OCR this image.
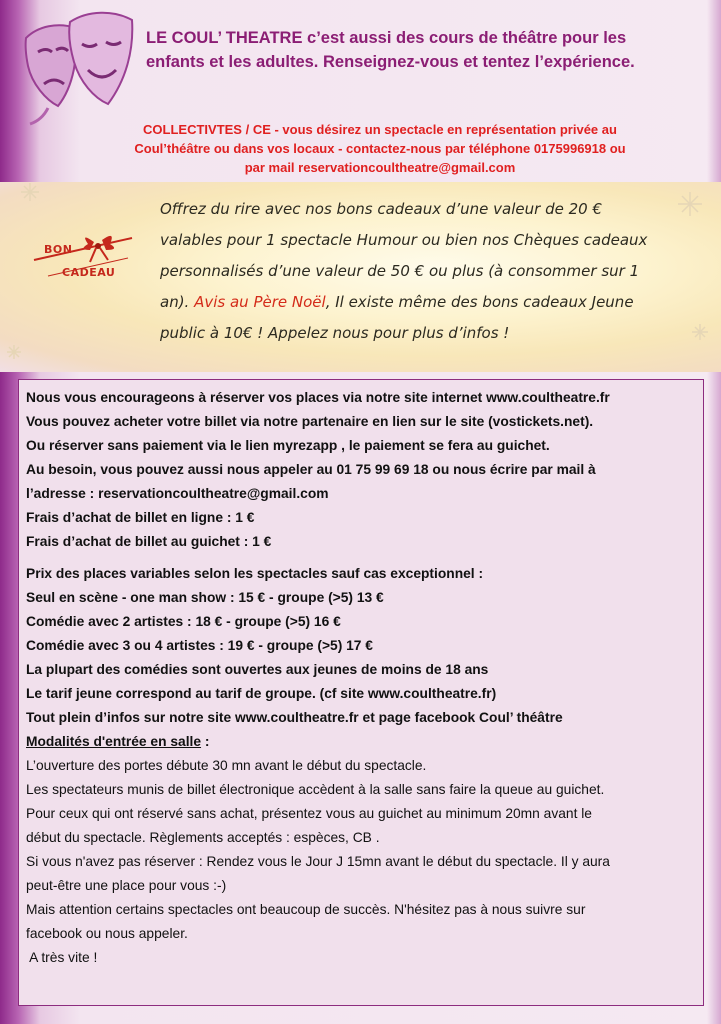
LE COUL’ THEATRE c’est aussi des cours de théâtre pour les
enfants et les adultes. Renseignez-vous et tentez l’expérience.
COLLECTIVTES / CE - vous désirez un spectacle en représentation privée au
Coul’théâtre ou dans vos locaux - contactez-nous par téléphone 0175996918 ou
par mail reservationcoultheatre@gmail.com
BON
CADEAU
Offrez du rire avec nos bons cadeaux d’une valeur de 20 €
valables pour 1 spectacle Humour ou bien nos Chèques cadeaux
personnalisés d’une valeur de 50 € ou plus (à consommer sur 1
an). Avis au Père Noël, Il existe même des bons cadeaux Jeune
public à 10€ ! Appelez nous pour plus d’infos !

Nous vous encourageons à réserver vos places via notre site internet www.coultheatre.fr

Vous pouvez acheter votre billet via notre partenaire en lien sur le site (vostickets.net).

Ou réserver sans paiement via le lien myrezapp , le paiement se fera au guichet.

Au besoin, vous pouvez aussi nous appeler au 01 75 99 69 18 ou nous écrire par mail à

l’adresse : reservationcoultheatre@gmail.com

Frais d’achat de billet en ligne : 1 €

Frais d’achat de billet au guichet : 1 €

Prix des places variables selon les spectacles sauf cas exceptionnel :

Seul en scène - one man show : 15 € - groupe (>5) 13 €

Comédie avec 2 artistes : 18 € - groupe (>5) 16 €

Comédie avec 3 ou 4 artistes : 19 € - groupe (>5) 17 €

La plupart des comédies sont ouvertes aux jeunes de moins de 18 ans

Le tarif jeune correspond au tarif de groupe. (cf site www.coultheatre.fr)

Tout plein d’infos sur notre site www.coultheatre.fr et page facebook Coul’ théâtre

Modalités d'entrée en salle :

L’ouverture des portes débute 30 mn avant le début du spectacle.

Les spectateurs munis de billet électronique accèdent à la salle sans faire la queue au guichet.

Pour ceux qui ont réservé sans achat, présentez vous au guichet au minimum 20mn avant le

début du spectacle. Règlements acceptés : espèces, CB .

Si vous n'avez pas réserver : Rendez vous le Jour J 15mn avant le début du spectacle. Il y aura

peut-être une place pour vous :-)

Mais attention certains spectacles ont beaucoup de succès. N'hésitez pas à nous suivre sur

facebook ou nous appeler.

A très vite !
